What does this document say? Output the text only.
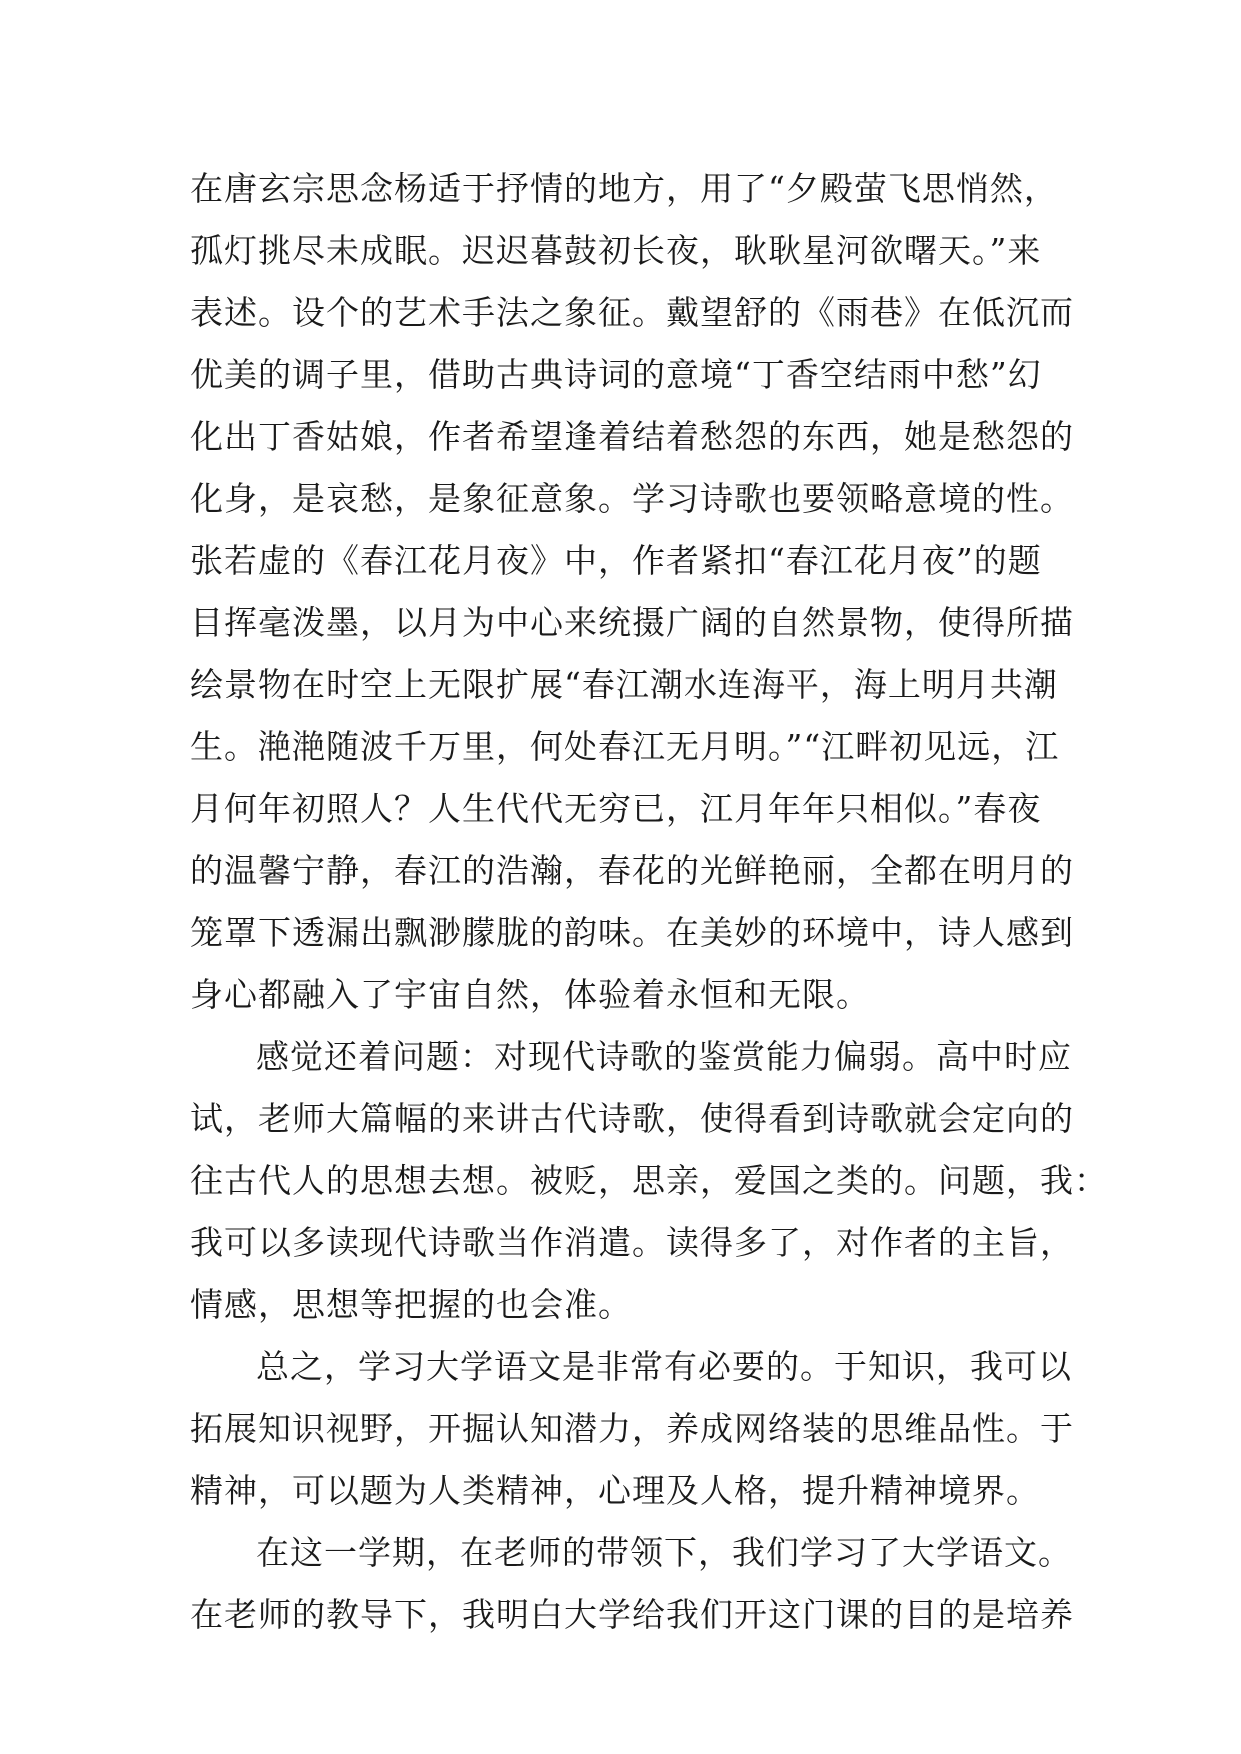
在唐玄宗思念杨适于抒情的地方，用了“夕殿萤飞思悄然，
孤灯挑尽未成眠。迟迟暮鼓初长夜，耿耿星河欲曙天。”来
表述。设个的艺术手法之象征。戴望舒的《雨巷》在低沉而
优美的调子里，借助古典诗词的意境“丁香空结雨中愁”幻
化出丁香姑娘，作者希望逢着结着愁怨的东西，她是愁怨的
化身，是哀愁，是象征意象。学习诗歌也要领略意境的性。
张若虚的《春江花月夜》中，作者紧扣“春江花月夜”的题
目挥毫泼墨，以月为中心来统摄广阔的自然景物，使得所描
绘景物在时空上无限扩展“春江潮水连海平，海上明月共潮
生。滟滟随波千万里，何处春江无月明。”“江畔初见远，江
月何年初照人？人生代代无穷已，江月年年只相似。”春夜
的温馨宁静，春江的浩瀚，春花的光鲜艳丽，全都在明月的
笼罩下透漏出飘渺朦胧的韵味。在美妙的环境中，诗人感到
身心都融入了宇宙自然，体验着永恒和无限。
感觉还着问题：对现代诗歌的鉴赏能力偏弱。高中时应
试，老师大篇幅的来讲古代诗歌，使得看到诗歌就会定向的
往古代人的思想去想。被贬，思亲，爱国之类的。问题，我：
我可以多读现代诗歌当作消遣。读得多了，对作者的主旨，
情感，思想等把握的也会准。
总之，学习大学语文是非常有必要的。于知识，我可以
拓展知识视野，开掘认知潜力，养成网络装的思维品性。于
精神，可以题为人类精神，心理及人格，提升精神境界。
在这一学期，在老师的带领下，我们学习了大学语文。
在老师的教导下，我明白大学给我们开这门课的目的是培养
